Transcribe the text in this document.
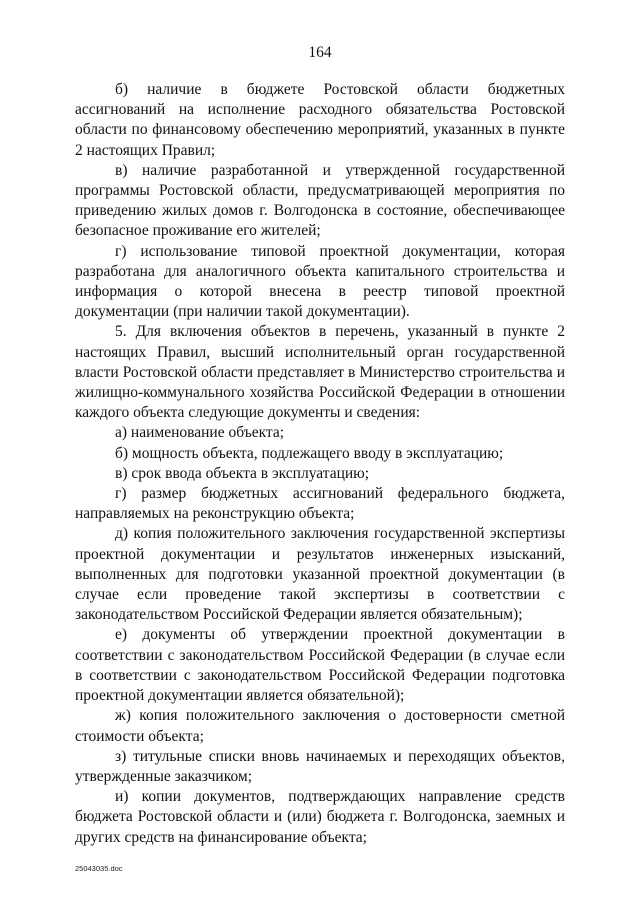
164

б) наличие в бюджете Ростовской области бюджетных ассигнований на исполнение расходного обязательства Ростовской области по финансовому обеспечению мероприятий, указанных в пункте 2 настоящих Правил;

в) наличие разработанной и утвержденной государственной программы Ростовской области, предусматривающей мероприятия по приведению жилых домов г. Волгодонска в состояние, обеспечивающее безопасное проживание его жителей;

г) использование типовой проектной документации, которая разработана для аналогичного объекта капитального строительства и информация о которой внесена в реестр типовой проектной документации (при наличии такой документации).

5. Для включения объектов в перечень, указанный в пункте 2 настоящих Правил, высший исполнительный орган государственной власти Ростовской области представляет в Министерство строительства и жилищно-коммунального хозяйства Российской Федерации в отношении каждого объекта следующие документы и сведения:

а) наименование объекта;

б) мощность объекта, подлежащего вводу в эксплуатацию;

в) срок ввода объекта в эксплуатацию;

г) размер бюджетных ассигнований федерального бюджета, направляемых на реконструкцию объекта;

д) копия положительного заключения государственной экспертизы проектной документации и результатов инженерных изысканий, выполненных для подготовки указанной проектной документации (в случае если проведение такой экспертизы в соответствии с законодательством Российской Федерации является обязательным);

е) документы об утверждении проектной документации в соответствии с законодательством Российской Федерации (в случае если в соответствии с законодательством Российской Федерации подготовка проектной документации является обязательной);

ж) копия положительного заключения о достоверности сметной стоимости объекта;

з) титульные списки вновь начинаемых и переходящих объектов, утвержденные заказчиком;

и) копии документов, подтверждающих направление средств бюджета Ростовской области и (или) бюджета г. Волгодонска, заемных и других средств на финансирование объекта;

25043035.doc
